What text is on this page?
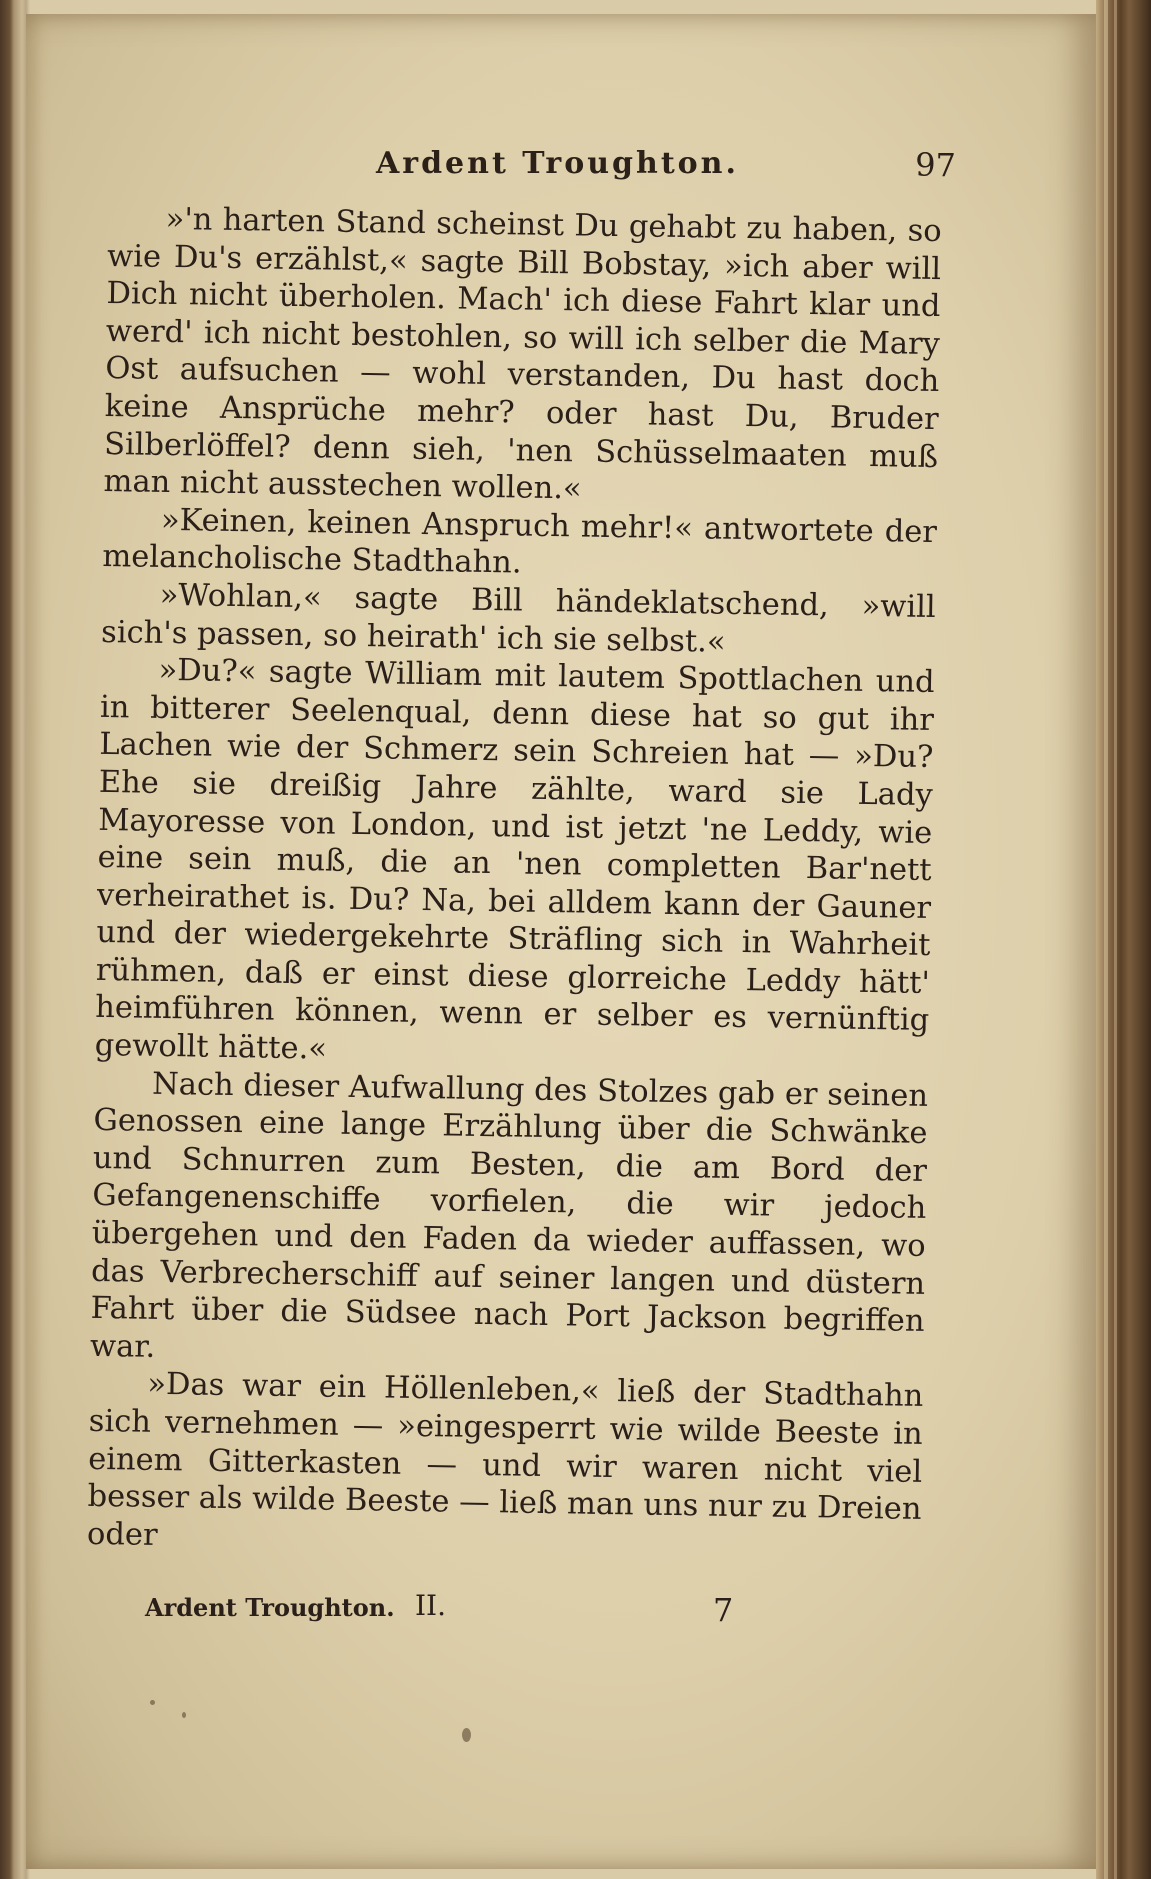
Ardent Troughton.	97

»'n harten Stand scheinst Du gehabt zu haben, so wie Du's erzählst,« sagte Bill Bobstay, »ich aber will Dich nicht überholen. Mach' ich diese Fahrt klar und werd' ich nicht bestohlen, so will ich selber die Mary Ost aufsuchen — wohl verstanden, Du hast doch keine Ansprüche mehr? oder hast Du, Bruder Silberlöffel? denn sieh, 'nen Schüsselmaaten muß man nicht ausstechen wollen.«

»Keinen, keinen Anspruch mehr!« antwortete der melancholische Stadthahn.

»Wohlan,« sagte Bill händeklatschend, »will sich's passen, so heirath' ich sie selbst.«

»Du?« sagte William mit lautem Spottlachen und in bitterer Seelenqual, denn diese hat so gut ihr Lachen wie der Schmerz sein Schreien hat — »Du? Ehe sie dreißig Jahre zählte, ward sie Lady Mayoresse von London, und ist jetzt 'ne Leddy, wie eine sein muß, die an 'nen completten Bar'nett verheirathet is. Du? Na, bei alldem kann der Gauner und der wiedergekehrte Sträfling sich in Wahrheit rühmen, daß er einst diese glorreiche Leddy hätt' heimführen können, wenn er selber es vernünftig gewollt hätte.«

Nach dieser Aufwallung des Stolzes gab er seinen Genossen eine lange Erzählung über die Schwänke und Schnurren zum Besten, die am Bord der Gefangenenschiffe vorfielen, die wir jedoch übergehen und den Faden da wieder auffassen, wo das Verbrecherschiff auf seiner langen und düstern Fahrt über die Südsee nach Port Jackson begriffen war.

»Das war ein Höllenleben,« ließ der Stadthahn sich vernehmen — »eingesperrt wie wilde Beeste in einem Gitterkasten — und wir waren nicht viel besser als wilde Beeste — ließ man uns nur zu Dreien oder

Ardent Troughton. II.	7
